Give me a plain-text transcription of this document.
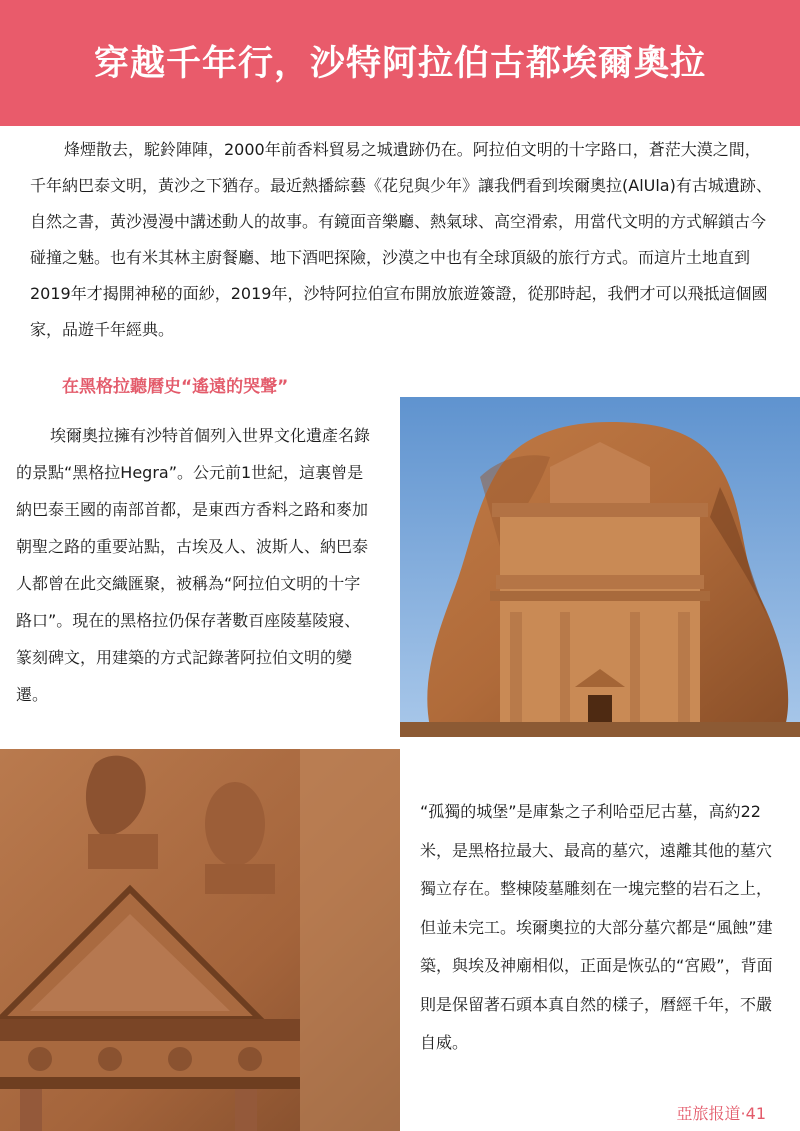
穿越千年行，沙特阿拉伯古都埃爾奧拉

烽煙散去，駝鈴陣陣，2000年前香料貿易之城遺跡仍在。阿拉伯文明的十字路口，蒼茫大漠之間，千年納巴泰文明，黃沙之下猶存。最近熱播綜藝《花兒與少年》讓我們看到埃爾奧拉(AlUla)有古城遺跡、自然之書，黃沙漫漫中講述動人的故事。有鏡面音樂廳、熱氣球、高空滑索，用當代文明的方式解鎖古今碰撞之魅。也有米其林主廚餐廳、地下酒吧探險，沙漠之中也有全球頂級的旅行方式。而這片土地直到2019年才揭開神秘的面紗，2019年，沙特阿拉伯宣布開放旅遊簽證，從那時起，我們才可以飛抵這個國家，品遊千年經典。

在黑格拉聽曆史“遙遠的哭聲”

埃爾奧拉擁有沙特首個列入世界文化遺產名錄的景點“黑格拉Hegra”。公元前1世紀，這裏曾是納巴泰王國的南部首都，是東西方香料之路和麥加朝聖之路的重要站點，古埃及人、波斯人、納巴泰人都曾在此交織匯聚，被稱為“阿拉伯文明的十字路口”。現在的黑格拉仍保存著數百座陵墓陵寢、篆刻碑文，用建築的方式記錄著阿拉伯文明的變遷。

“孤獨的城堡”是庫紮之子利哈亞尼古墓，高約22米，是黑格拉最大、最高的墓穴，遠離其他的墓穴獨立存在。整棟陵墓雕刻在一塊完整的岩石之上，但並未完工。埃爾奧拉的大部分墓穴都是“風蝕”建築，與埃及神廟相似，正面是恢弘的“宮殿”，背面則是保留著石頭本真自然的樣子，曆經千年，不嚴自威。

亞旅报道·41
